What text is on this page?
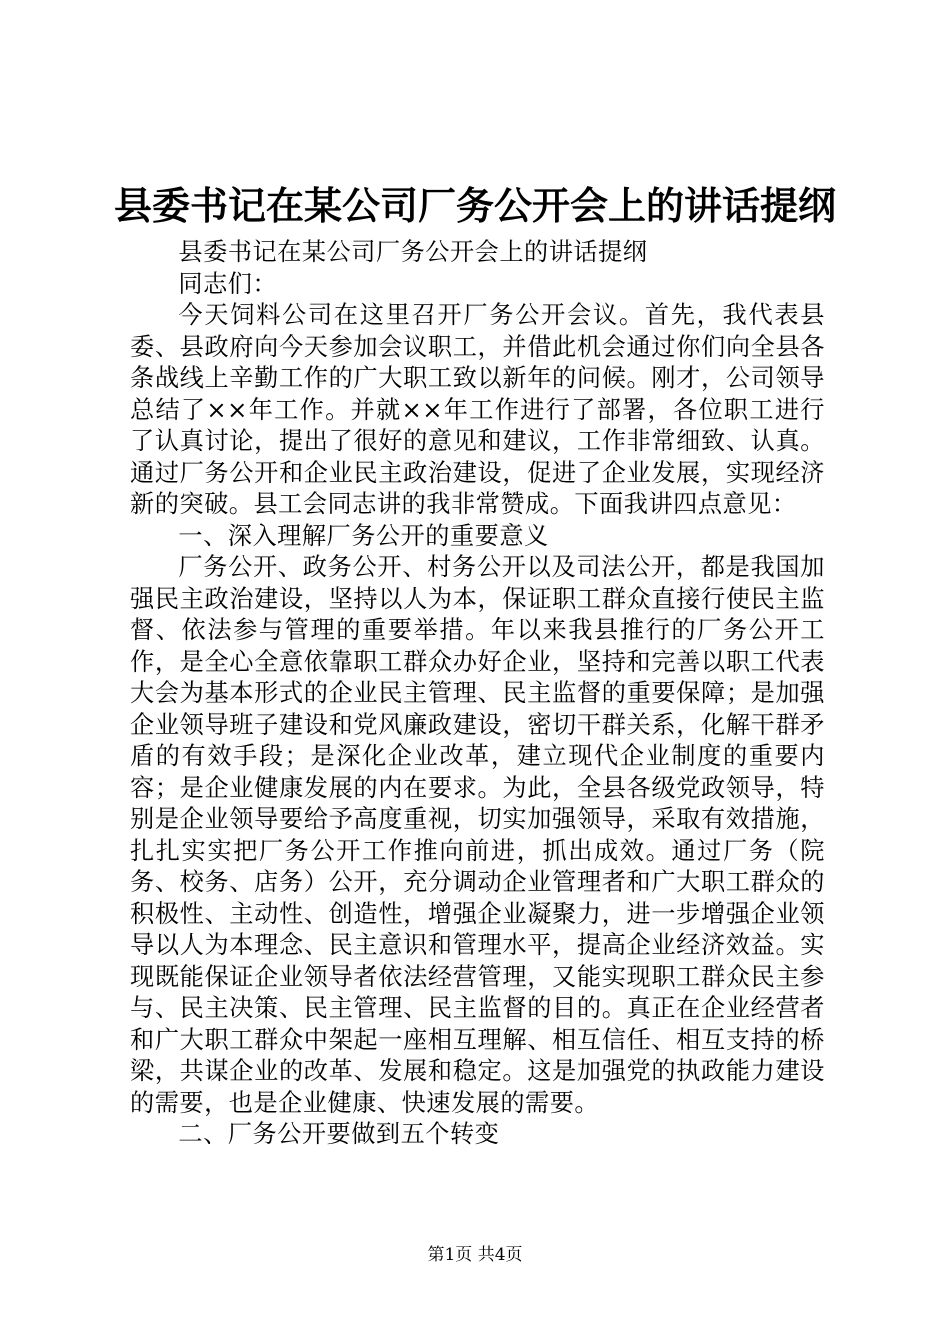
县委书记在某公司厂务公开会上的讲话提纲

县委书记在某公司厂务公开会上的讲话提纲

同志们：

今天饲料公司在这里召开厂务公开会议。首先，我代表县委、县政府向今天参加会议职工，并借此机会通过你们向全县各条战线上辛勤工作的广大职工致以新年的问候。刚才，公司领导总结了××年工作。并就××年工作进行了部署，各位职工进行了认真讨论，提出了很好的意见和建议，工作非常细致、认真。通过厂务公开和企业民主政治建设，促进了企业发展，实现经济新的突破。县工会同志讲的我非常赞成。下面我讲四点意见：

一、深入理解厂务公开的重要意义

厂务公开、政务公开、村务公开以及司法公开，都是我国加强民主政治建设，坚持以人为本，保证职工群众直接行使民主监督、依法参与管理的重要举措。年以来我县推行的厂务公开工作，是全心全意依靠职工群众办好企业，坚持和完善以职工代表大会为基本形式的企业民主管理、民主监督的重要保障；是加强企业领导班子建设和党风廉政建设，密切干群关系，化解干群矛盾的有效手段；是深化企业改革，建立现代企业制度的重要内容；是企业健康发展的内在要求。为此，全县各级党政领导，特别是企业领导要给予高度重视，切实加强领导，采取有效措施，扎扎实实把厂务公开工作推向前进，抓出成效。通过厂务（院务、校务、店务）公开，充分调动企业管理者和广大职工群众的积极性、主动性、创造性，增强企业凝聚力，进一步增强企业领导以人为本理念、民主意识和管理水平，提高企业经济效益。实现既能保证企业领导者依法经营管理，又能实现职工群众民主参与、民主决策、民主管理、民主监督的目的。真正在企业经营者和广大职工群众中架起一座相互理解、相互信任、相互支持的桥梁，共谋企业的改革、发展和稳定。这是加强党的执政能力建设的需要，也是企业健康、快速发展的需要。

二、厂务公开要做到五个转变

第1页 共4页
